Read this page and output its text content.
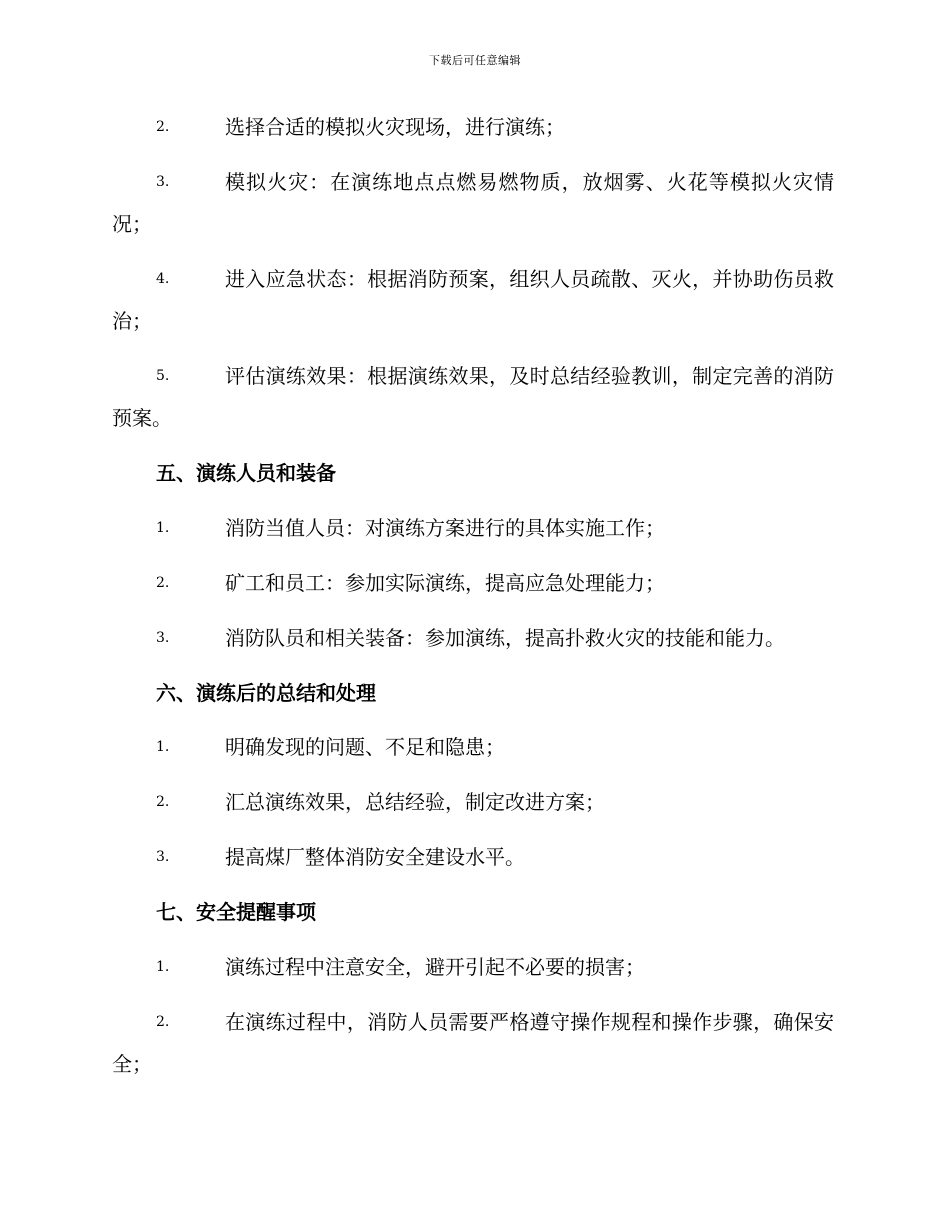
下载后可任意编辑
2.	选择合适的模拟火灾现场，进行演练；
3.	模拟火灾：在演练地点点燃易燃物质，放烟雾、火花等模拟火灾情况；
4.	进入应急状态：根据消防预案，组织人员疏散、灭火，并协助伤员救治；
5.	评估演练效果：根据演练效果，及时总结经验教训，制定完善的消防预案。
五、演练人员和装备
1.	消防当值人员：对演练方案进行的具体实施工作；
2.	矿工和员工：参加实际演练，提高应急处理能力；
3.	消防队员和相关装备：参加演练，提高扑救火灾的技能和能力。
六、演练后的总结和处理
1.	明确发现的问题、不足和隐患；
2.	汇总演练效果，总结经验，制定改进方案；
3.	提高煤厂整体消防安全建设水平。
七、安全提醒事项
1.	演练过程中注意安全，避开引起不必要的损害；
2.	在演练过程中，消防人员需要严格遵守操作规程和操作步骤，确保安全；
